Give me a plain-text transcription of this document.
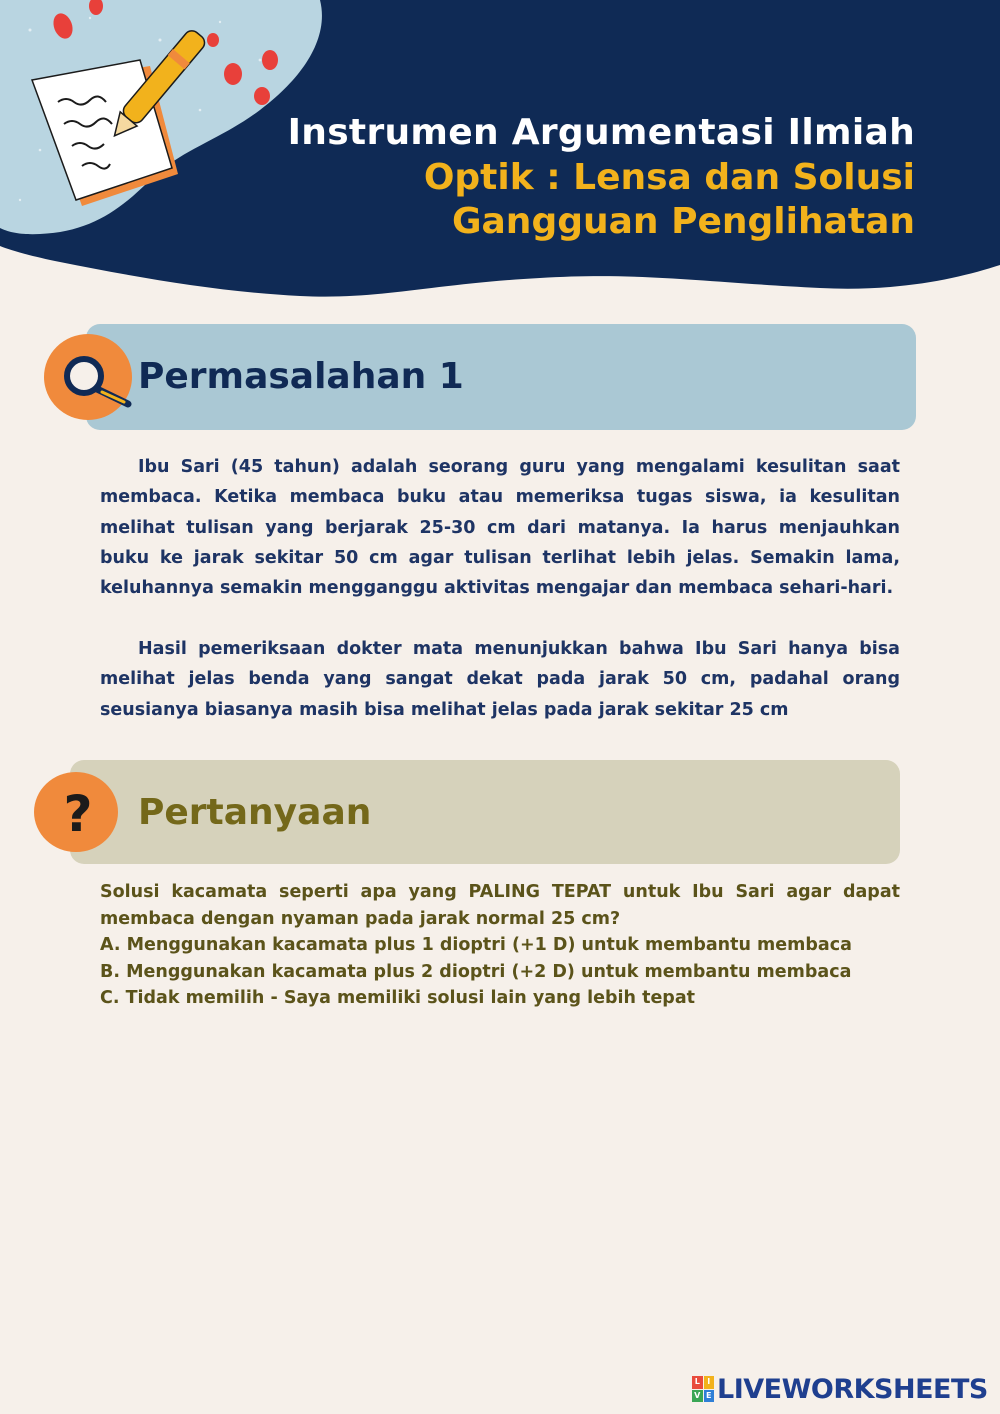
Instrumen Argumentasi Ilmiah
Optik : Lensa dan Solusi
Gangguan Penglihatan
Permasalahan 1

Ibu Sari (45 tahun) adalah seorang guru yang mengalami kesulitan saat membaca. Ketika membaca buku atau memeriksa tugas siswa, ia kesulitan melihat tulisan yang berjarak 25-30 cm dari matanya. Ia harus menjauhkan buku ke jarak sekitar 50 cm agar tulisan terlihat lebih jelas. Semakin lama, keluhannya semakin mengganggu aktivitas mengajar dan membaca sehari-hari.

Hasil pemeriksaan dokter mata menunjukkan bahwa Ibu Sari hanya bisa melihat jelas benda yang sangat dekat pada jarak 50 cm, padahal orang seusianya biasanya masih bisa melihat jelas pada jarak sekitar 25 cm

? Pertanyaan

Solusi kacamata seperti apa yang PALING TEPAT untuk Ibu Sari agar dapat membaca dengan nyaman pada jarak normal 25 cm?

A. Menggunakan kacamata plus 1 dioptri (+1 D) untuk membantu membaca

B. Menggunakan kacamata plus 2 dioptri (+2 D) untuk membantu membaca

C. Tidak memilih - Saya memiliki solusi lain yang lebih tepat

L I
V E LIVEWORKSHEETS
